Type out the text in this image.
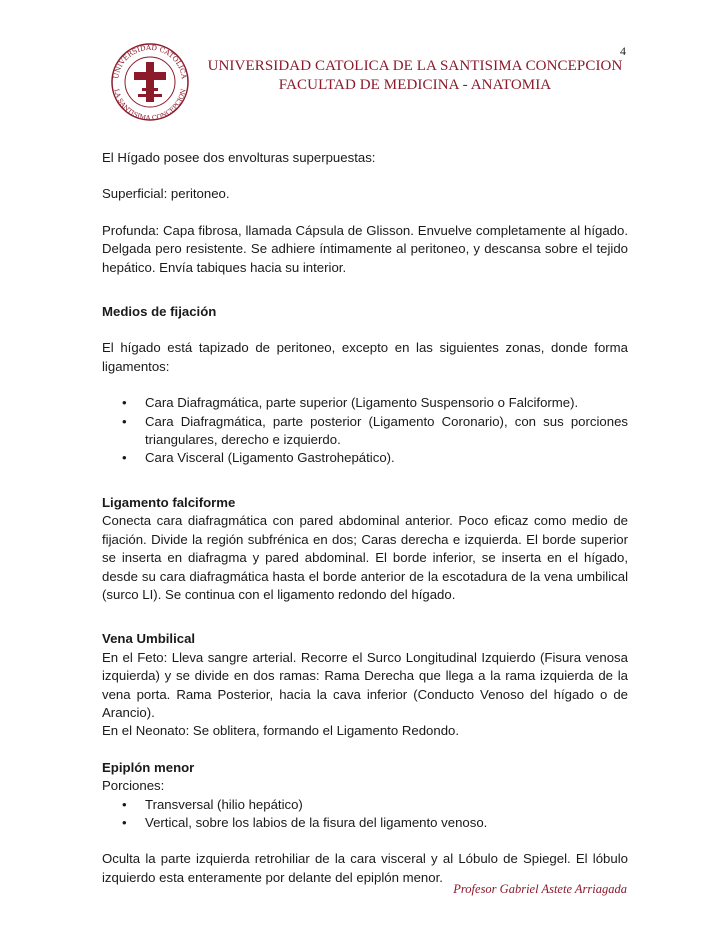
4
UNIVERSIDAD CATOLICA
LA SANTISIMA CONCEPCION
UNIVERSIDAD CATOLICA DE LA SANTISIMA CONCEPCION
FACULTAD DE MEDICINA - ANATOMIA

El Hígado posee dos envolturas superpuestas:

Superficial: peritoneo.

Profunda: Capa fibrosa, llamada Cápsula de Glisson. Envuelve completamente al hígado. Delgada pero resistente. Se adhiere íntimamente al peritoneo, y descansa sobre el tejido hepático. Envía tabiques hacia su interior.

Medios de fijación

El hígado está tapizado de peritoneo, excepto en las siguientes zonas, donde forma ligamentos:

• Cara Diafragmática, parte superior (Ligamento Suspensorio o Falciforme).
• Cara Diafragmática, parte posterior (Ligamento Coronario), con sus porciones triangulares, derecho e izquierdo.
• Cara Visceral (Ligamento Gastrohepático).

Ligamento falciforme

Conecta cara diafragmática con pared abdominal anterior. Poco eficaz como medio de fijación. Divide la región subfrénica en dos; Caras derecha e izquierda. El borde superior se inserta en diafragma y pared abdominal. El borde inferior, se inserta en el hígado, desde su cara diafragmática hasta el borde anterior de la escotadura de la vena umbilical (surco LI). Se continua con el ligamento redondo del hígado.

Vena Umbilical

En el Feto: Lleva sangre arterial. Recorre el Surco Longitudinal Izquierdo (Fisura venosa izquierda) y se divide en dos ramas: Rama Derecha que llega a la rama izquierda de la vena porta. Rama Posterior, hacia la cava inferior (Conducto Venoso del hígado o de Arancio).

En el Neonato: Se oblitera, formando el Ligamento Redondo.

Epiplón menor

Porciones:

• Transversal (hilio hepático)
• Vertical, sobre los labios de la fisura del ligamento venoso.

Oculta la parte izquierda retrohiliar de la cara visceral y al Lóbulo de Spiegel. El lóbulo izquierdo esta enteramente por delante del epiplón menor.

Profesor Gabriel Astete Arriagada
